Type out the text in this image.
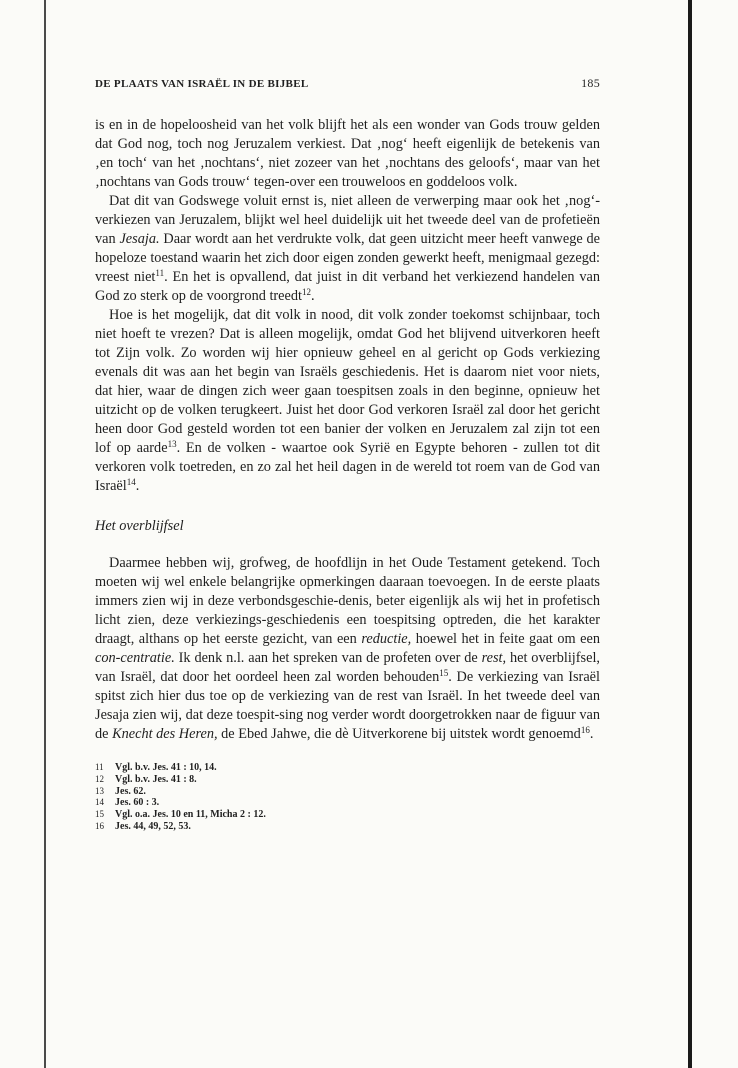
DE PLAATS VAN ISRAËL IN DE BIJBEL	185

is en in de hopeloosheid van het volk blijft het als een wonder van Gods trouw gelden dat God nog, toch nog Jeruzalem verkiest. Dat ‚nog‘ heeft eigenlijk de betekenis van ‚en toch‘ van het ‚nochtans‘, niet zozeer van het ‚nochtans des geloofs‘, maar van het ‚nochtans van Gods trouw‘ tegen-over een trouweloos en goddeloos volk.

Dat dit van Godswege voluit ernst is, niet alleen de verwerping maar ook het ‚nog‘-verkiezen van Jeruzalem, blijkt wel heel duidelijk uit het tweede deel van de profetieën van Jesaja. Daar wordt aan het verdrukte volk, dat geen uitzicht meer heeft vanwege de hopeloze toestand waarin het zich door eigen zonden gewerkt heeft, menigmaal gezegd: vreest niet$^{11}$. En het is opvallend, dat juist in dit verband het verkiezend handelen van God zo sterk op de voorgrond treedt$^{12}$.

Hoe is het mogelijk, dat dit volk in nood, dit volk zonder toekomst schijnbaar, toch niet hoeft te vrezen? Dat is alleen mogelijk, omdat God het blijvend uitverkoren heeft tot Zijn volk. Zo worden wij hier opnieuw geheel en al gericht op Gods verkiezing evenals dit was aan het begin van Israëls geschiedenis. Het is daarom niet voor niets, dat hier, waar de dingen zich weer gaan toespitsen zoals in den beginne, opnieuw het uitzicht op de volken terugkeert. Juist het door God verkoren Israël zal door het gericht heen door God gesteld worden tot een banier der volken en Jeruzalem zal zijn tot een lof op aarde$^{13}$. En de volken - waartoe ook Syrië en Egypte behoren - zullen tot dit verkoren volk toetreden, en zo zal het heil dagen in de wereld tot roem van de God van Israël$^{14}$.

Het overblijfsel

Daarmee hebben wij, grofweg, de hoofdlijn in het Oude Testament getekend. Toch moeten wij wel enkele belangrijke opmerkingen daaraan toevoegen. In de eerste plaats immers zien wij in deze verbondsgeschie-denis, beter eigenlijk als wij het in profetisch licht zien, deze verkiezings-geschiedenis een toespitsing optreden, die het karakter draagt, althans op het eerste gezicht, van een reductie, hoewel het in feite gaat om een con-centratie. Ik denk n.l. aan het spreken van de profeten over de rest, het overblijfsel, van Israël, dat door het oordeel heen zal worden behouden$^{15}$. De verkiezing van Israël spitst zich hier dus toe op de verkiezing van de rest van Israël. In het tweede deel van Jesaja zien wij, dat deze toespit-sing nog verder wordt doorgetrokken naar de figuur van de Knecht des Heren, de Ebed Jahwe, die dè Uitverkorene bij uitstek wordt genoemd$^{16}$.

11	Vgl. b.v. Jes. 41 : 10, 14.
12	Vgl. b.v. Jes. 41 : 8.
13	Jes. 62.
14	Jes. 60 : 3.
15	Vgl. o.a. Jes. 10 en 11, Micha 2 : 12.
16	Jes. 44, 49, 52, 53.
